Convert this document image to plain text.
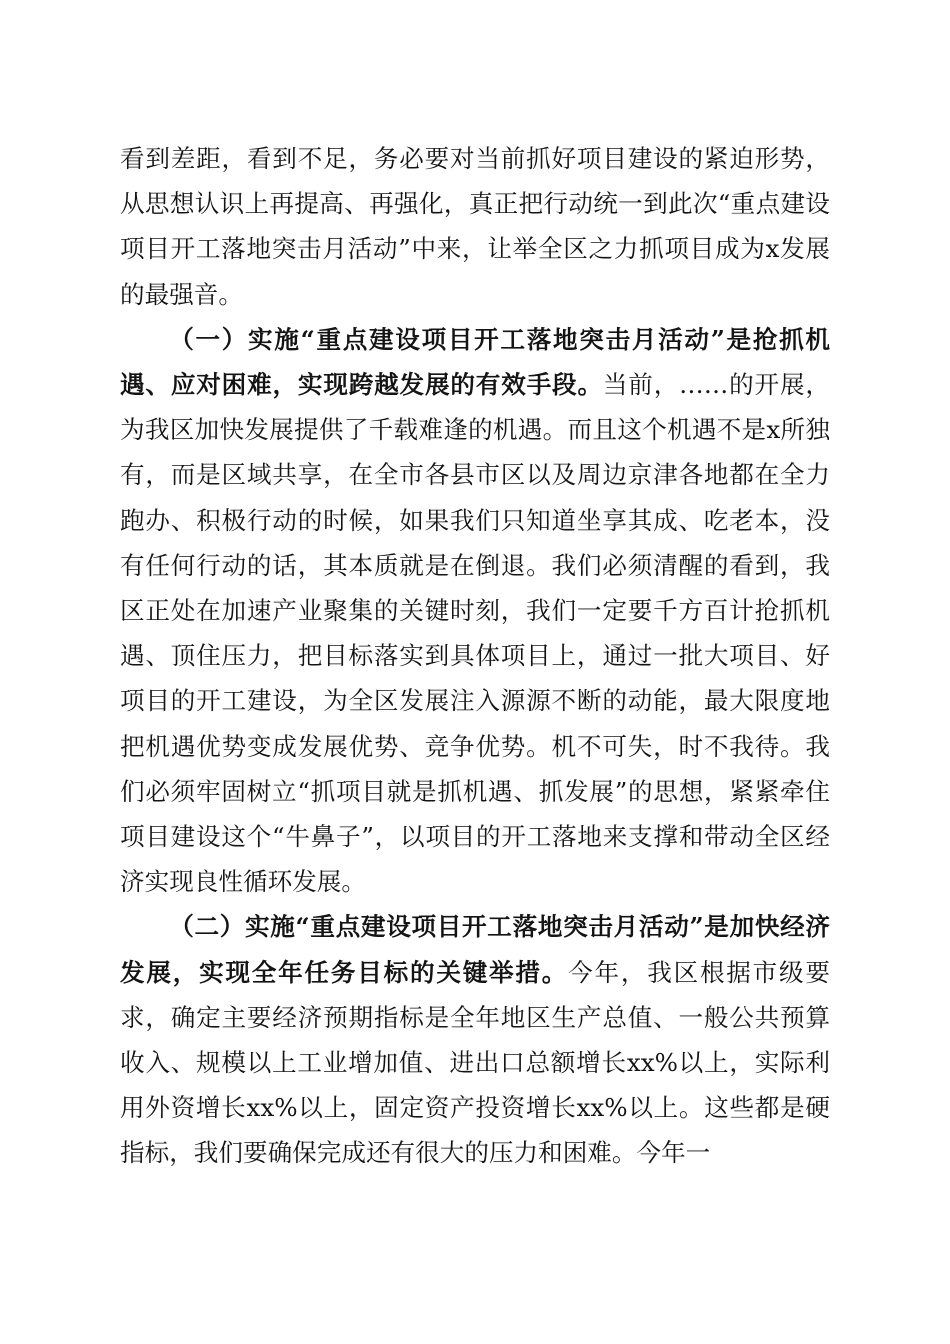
看到差距，看到不足，务必要对当前抓好项目建设的紧迫形势，从思想认识上再提高、再强化，真正把行动统一到此次“重点建设项目开工落地突击月活动”中来，让举全区之力抓项目成为x发展的最强音。

（一）实施“重点建设项目开工落地突击月活动”是抢抓机遇、应对困难，实现跨越发展的有效手段。当前，……的开展，为我区加快发展提供了千载难逢的机遇。而且这个机遇不是x所独有，而是区域共享，在全市各县市区以及周边京津各地都在全力跑办、积极行动的时候，如果我们只知道坐享其成、吃老本，没有任何行动的话，其本质就是在倒退。我们必须清醒的看到，我区正处在加速产业聚集的关键时刻，我们一定要千方百计抢抓机遇、顶住压力，把目标落实到具体项目上，通过一批大项目、好项目的开工建设，为全区发展注入源源不断的动能，最大限度地把机遇优势变成发展优势、竞争优势。机不可失，时不我待。我们必须牢固树立“抓项目就是抓机遇、抓发展”的思想，紧紧牵住项目建设这个“牛鼻子”，以项目的开工落地来支撑和带动全区经济实现良性循环发展。

（二）实施“重点建设项目开工落地突击月活动”是加快经济发展，实现全年任务目标的关键举措。今年，我区根据市级要求，确定主要经济预期指标是全年地区生产总值、一般公共预算收入、规模以上工业增加值、进出口总额增长xx%以上，实际利用外资增长xx%以上，固定资产投资增长xx%以上。这些都是硬指标，我们要确保完成还有很大的压力和困难。今年一
